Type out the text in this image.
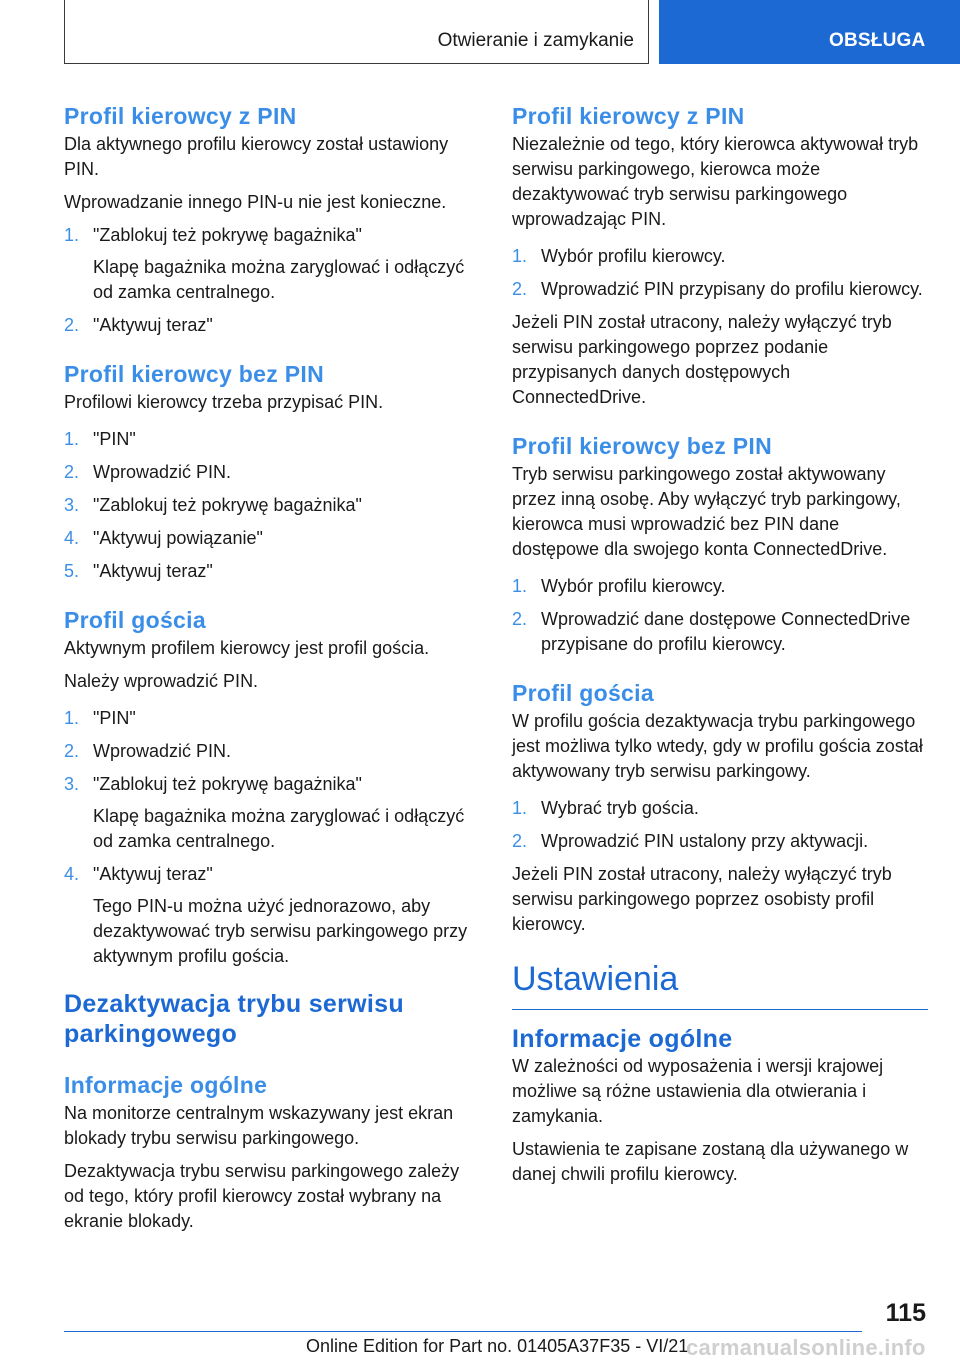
Otwieranie i zamykanie	OBSŁUGA
Profil kierowcy z PIN

Dla aktywnego profilu kierowcy został ustawiony PIN.

Wprowadzanie innego PIN-u nie jest konieczne.

1. "Zablokuj też pokrywę bagażnika"
Klapę bagażnika można zaryglować i odłączyć od zamka centralnego.
2. "Aktywuj teraz"
Profil kierowcy bez PIN

Profilowi kierowcy trzeba przypisać PIN.

1. "PIN"
2. Wprowadzić PIN.
3. "Zablokuj też pokrywę bagażnika"
4. "Aktywuj powiązanie"
5. "Aktywuj teraz"
Profil gościa

Aktywnym profilem kierowcy jest profil gościa.

Należy wprowadzić PIN.

1. "PIN"
2. Wprowadzić PIN.
3. "Zablokuj też pokrywę bagażnika"
Klapę bagażnika można zaryglować i odłączyć od zamka centralnego.
4. "Aktywuj teraz"
Tego PIN-u można użyć jednorazowo, aby dezaktywować tryb serwisu parkingowego przy aktywnym profilu gościa.
Dezaktywacja trybu serwisu parkingowego
Informacje ogólne

Na monitorze centralnym wskazywany jest ekran blokady trybu serwisu parkingowego.

Dezaktywacja trybu serwisu parkingowego zależy od tego, który profil kierowcy został wybrany na ekranie blokady.

Profil kierowcy z PIN

Niezależnie od tego, który kierowca aktywował tryb serwisu parkingowego, kierowca może dezaktywować tryb serwisu parkingowego wprowadzając PIN.

1. Wybór profilu kierowcy.
2. Wprowadzić PIN przypisany do profilu kierowcy.

Jeżeli PIN został utracony, należy wyłączyć tryb serwisu parkingowego poprzez podanie przypisanych danych dostępowych ConnectedDrive.

Profil kierowcy bez PIN

Tryb serwisu parkingowego został aktywowany przez inną osobę. Aby wyłączyć tryb parkingowy, kierowca musi wprowadzić bez PIN dane dostępowe dla swojego konta ConnectedDrive.

1. Wybór profilu kierowcy.
2. Wprowadzić dane dostępowe ConnectedDrive przypisane do profilu kierowcy.
Profil gościa

W profilu gościa dezaktywacja trybu parkingowego jest możliwa tylko wtedy, gdy w profilu gościa został aktywowany tryb serwisu parkingowy.

1. Wybrać tryb gościa.
2. Wprowadzić PIN ustalony przy aktywacji.

Jeżeli PIN został utracony, należy wyłączyć tryb serwisu parkingowego poprzez osobisty profil kierowcy.

Ustawienia
Informacje ogólne

W zależności od wyposażenia i wersji krajowej możliwe są różne ustawienia dla otwierania i zamykania.

Ustawienia te zapisane zostaną dla używanego w danej chwili profilu kierowcy.

115
Online Edition for Part no. 01405A37F35 - VI/21
carmanualsonline.info
